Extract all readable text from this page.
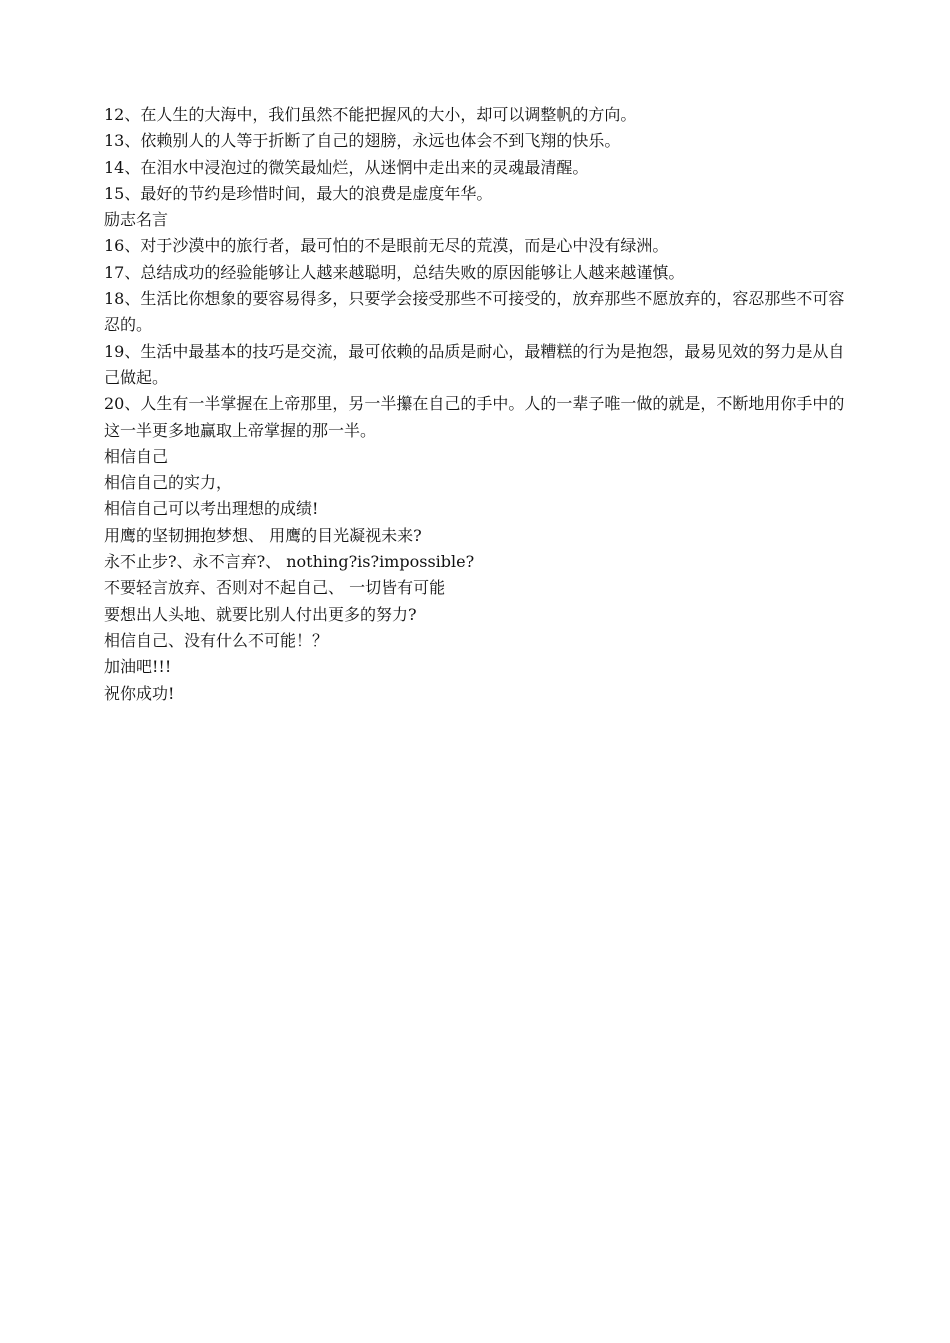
12、在人生的大海中，我们虽然不能把握风的大小，却可以调整帆的方向。

13、依赖别人的人等于折断了自己的翅膀，永远也体会不到飞翔的快乐。

14、在泪水中浸泡过的微笑最灿烂，从迷惘中走出来的灵魂最清醒。

15、最好的节约是珍惜时间，最大的浪费是虚度年华。

励志名言

16、对于沙漠中的旅行者，最可怕的不是眼前无尽的荒漠，而是心中没有绿洲。

17、总结成功的经验能够让人越来越聪明，总结失败的原因能够让人越来越谨慎。

18、生活比你想象的要容易得多，只要学会接受那些不可接受的，放弃那些不愿放弃的，容忍那些不可容忍的。

19、生活中最基本的技巧是交流，最可依赖的品质是耐心，最糟糕的行为是抱怨，最易见效的努力是从自己做起。

20、人生有一半掌握在上帝那里，另一半攥在自己的手中。人的一辈子唯一做的就是，不断地用你手中的这一半更多地赢取上帝掌握的那一半。

相信自己

相信自己的实力，

相信自己可以考出理想的成绩!

用鹰的坚韧拥抱梦想、 用鹰的目光凝视未来?

永不止步?、永不言弃?、 nothing?is?impossible?

不要轻言放弃、否则对不起自己、 一切皆有可能

要想出人头地、就要比别人付出更多的努力?

相信自己、没有什么不可能！？

加油吧!!!

祝你成功!
